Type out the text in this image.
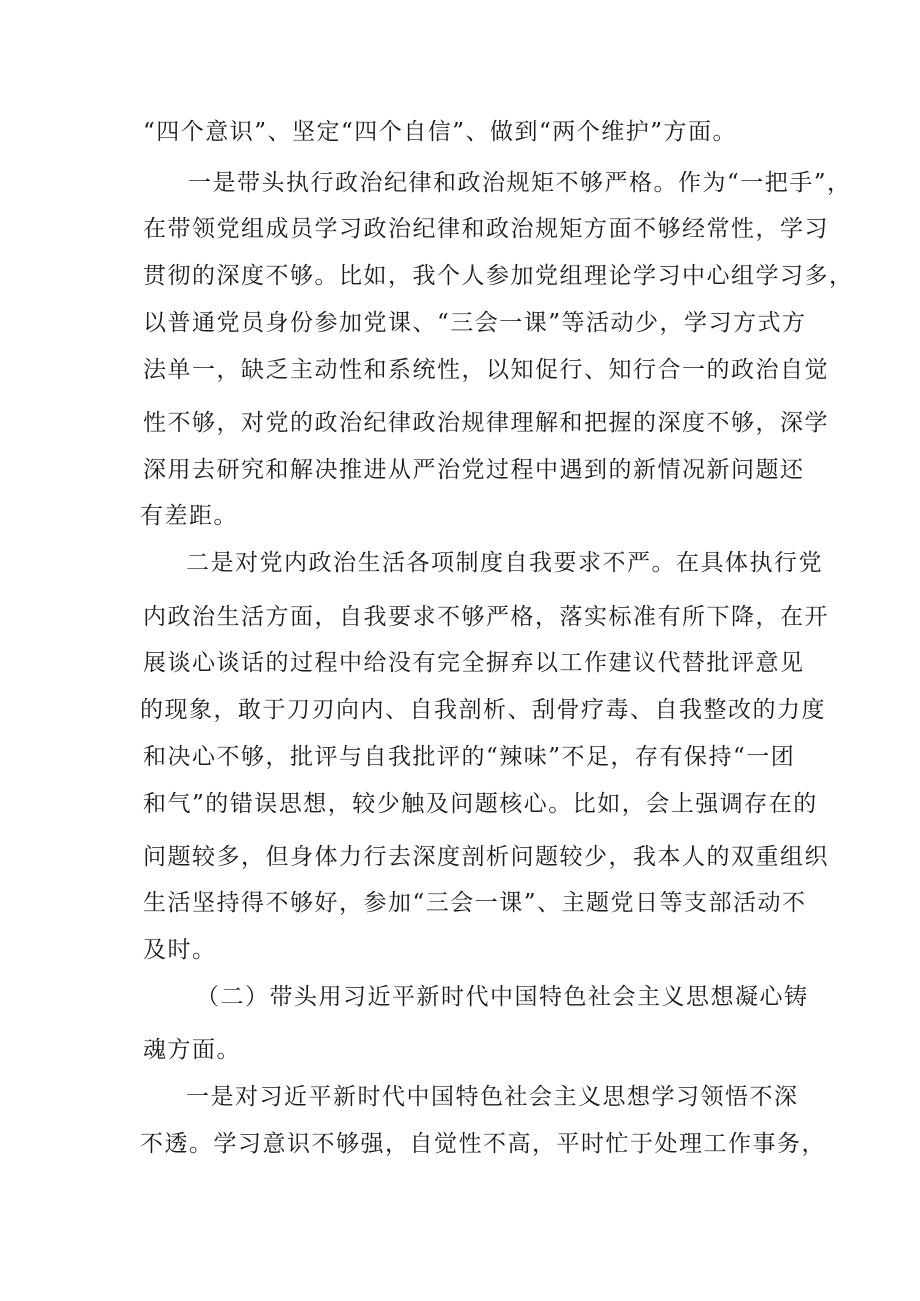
“四个意识”、坚定“四个自信”、做到“两个维护”方面。
一是带头执行政治纪律和政治规矩不够严格。作为“一把手”，
在带领党组成员学习政治纪律和政治规矩方面不够经常性，学习
贯彻的深度不够。比如，我个人参加党组理论学习中心组学习多，
以普通党员身份参加党课、“三会一课”等活动少，学习方式方
法单一，缺乏主动性和系统性，以知促行、知行合一的政治自觉
性不够，对党的政治纪律政治规律理解和把握的深度不够，深学
深用去研究和解决推进从严治党过程中遇到的新情况新问题还
有差距。
二是对党内政治生活各项制度自我要求不严。在具体执行党
内政治生活方面，自我要求不够严格，落实标准有所下降，在开
展谈心谈话的过程中给没有完全摒弃以工作建议代替批评意见
的现象，敢于刀刃向内、自我剖析、刮骨疗毒、自我整改的力度
和决心不够，批评与自我批评的“辣味”不足，存有保持“一团
和气”的错误思想，较少触及问题核心。比如，会上强调存在的
问题较多，但身体力行去深度剖析问题较少，我本人的双重组织
生活坚持得不够好，参加“三会一课”、主题党日等支部活动不
及时。
（二）带头用习近平新时代中国特色社会主义思想凝心铸
魂方面。
一是对习近平新时代中国特色社会主义思想学习领悟不深
不透。学习意识不够强，自觉性不高，平时忙于处理工作事务，
